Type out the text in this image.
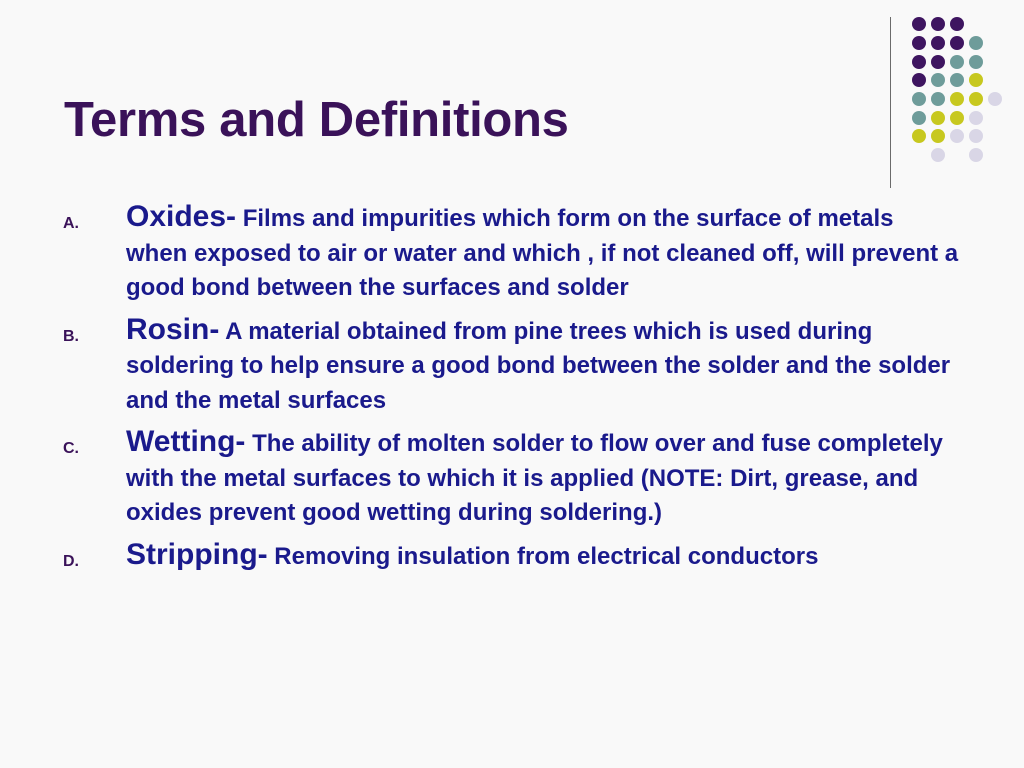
Terms and Definitions
A. Oxides- Films and impurities which form on the surface of metals when exposed to air or water and which , if not cleaned off, will prevent a good bond between the surfaces and solder
B. Rosin- A material obtained from pine trees which is used during soldering to help ensure a good bond between the solder and the solder and the metal surfaces
C. Wetting- The ability of molten solder to flow over and fuse completely with the metal surfaces to which it is applied (NOTE: Dirt, grease, and oxides prevent good wetting during soldering.)
D. Stripping- Removing insulation from electrical conductors
